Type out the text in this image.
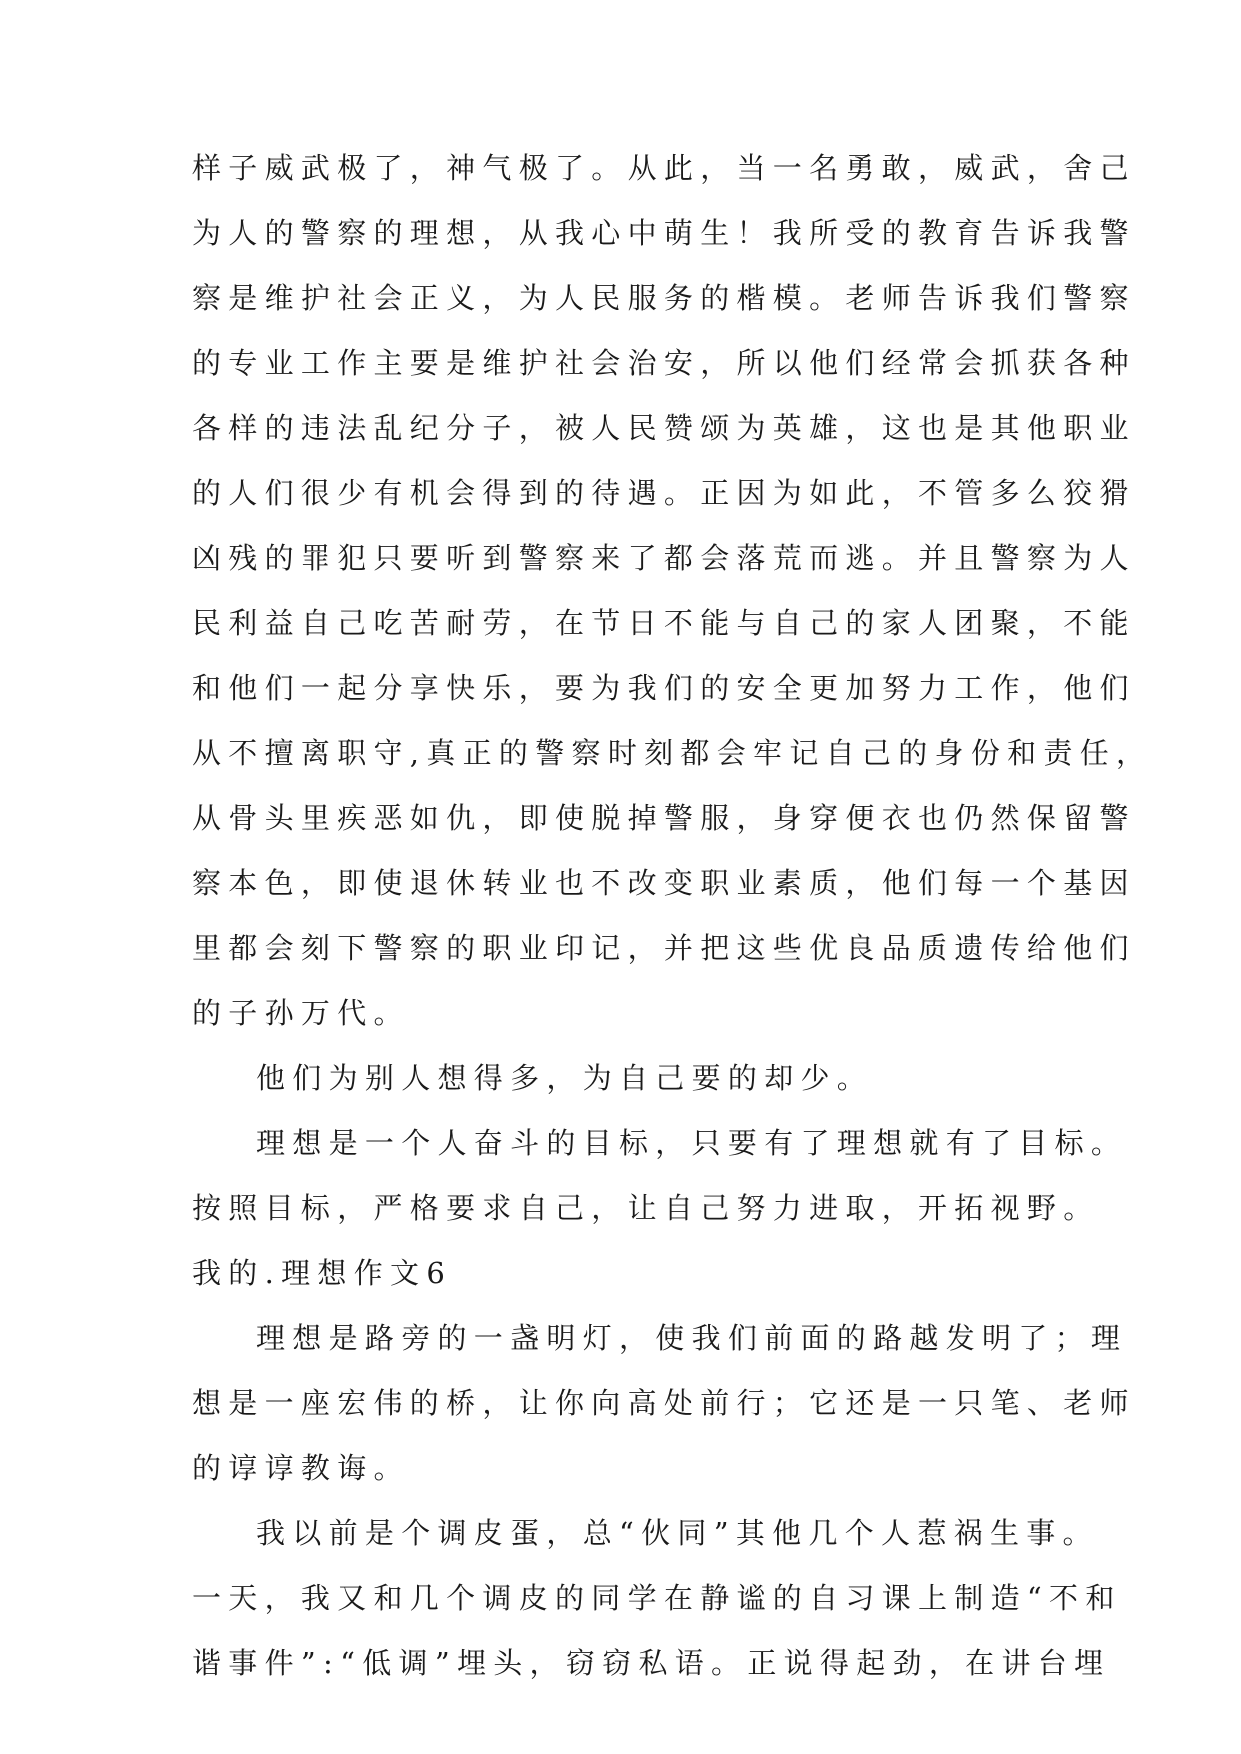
样子威武极了，神气极了。从此，当一名勇敢，威武，舍己
为人的警察的理想，从我心中萌生！我所受的教育告诉我警
察是维护社会正义，为人民服务的楷模。老师告诉我们警察
的专业工作主要是维护社会治安，所以他们经常会抓获各种
各样的违法乱纪分子，被人民赞颂为英雄，这也是其他职业
的人们很少有机会得到的待遇。正因为如此，不管多么狡猾
凶残的罪犯只要听到警察来了都会落荒而逃。并且警察为人
民利益自己吃苦耐劳，在节日不能与自己的家人团聚，不能
和他们一起分享快乐，要为我们的安全更加努力工作，他们
从不擅离职守,真正的警察时刻都会牢记自己的身份和责任，
从骨头里疾恶如仇，即使脱掉警服，身穿便衣也仍然保留警
察本色，即使退休转业也不改变职业素质，他们每一个基因
里都会刻下警察的职业印记，并把这些优良品质遗传给他们
的子孙万代。
他们为别人想得多，为自己要的却少。
理想是一个人奋斗的目标，只要有了理想就有了目标。
按照目标，严格要求自己，让自己努力进取，开拓视野。
我的.理想作文6
理想是路旁的一盏明灯，使我们前面的路越发明了；理
想是一座宏伟的桥，让你向高处前行；它还是一只笔、老师
的谆谆教诲。
我以前是个调皮蛋，总“伙同”其他几个人惹祸生事。
一天，我又和几个调皮的同学在静谧的自习课上制造“不和
谐事件”:“低调”埋头，窃窃私语。正说得起劲，在讲台埋
